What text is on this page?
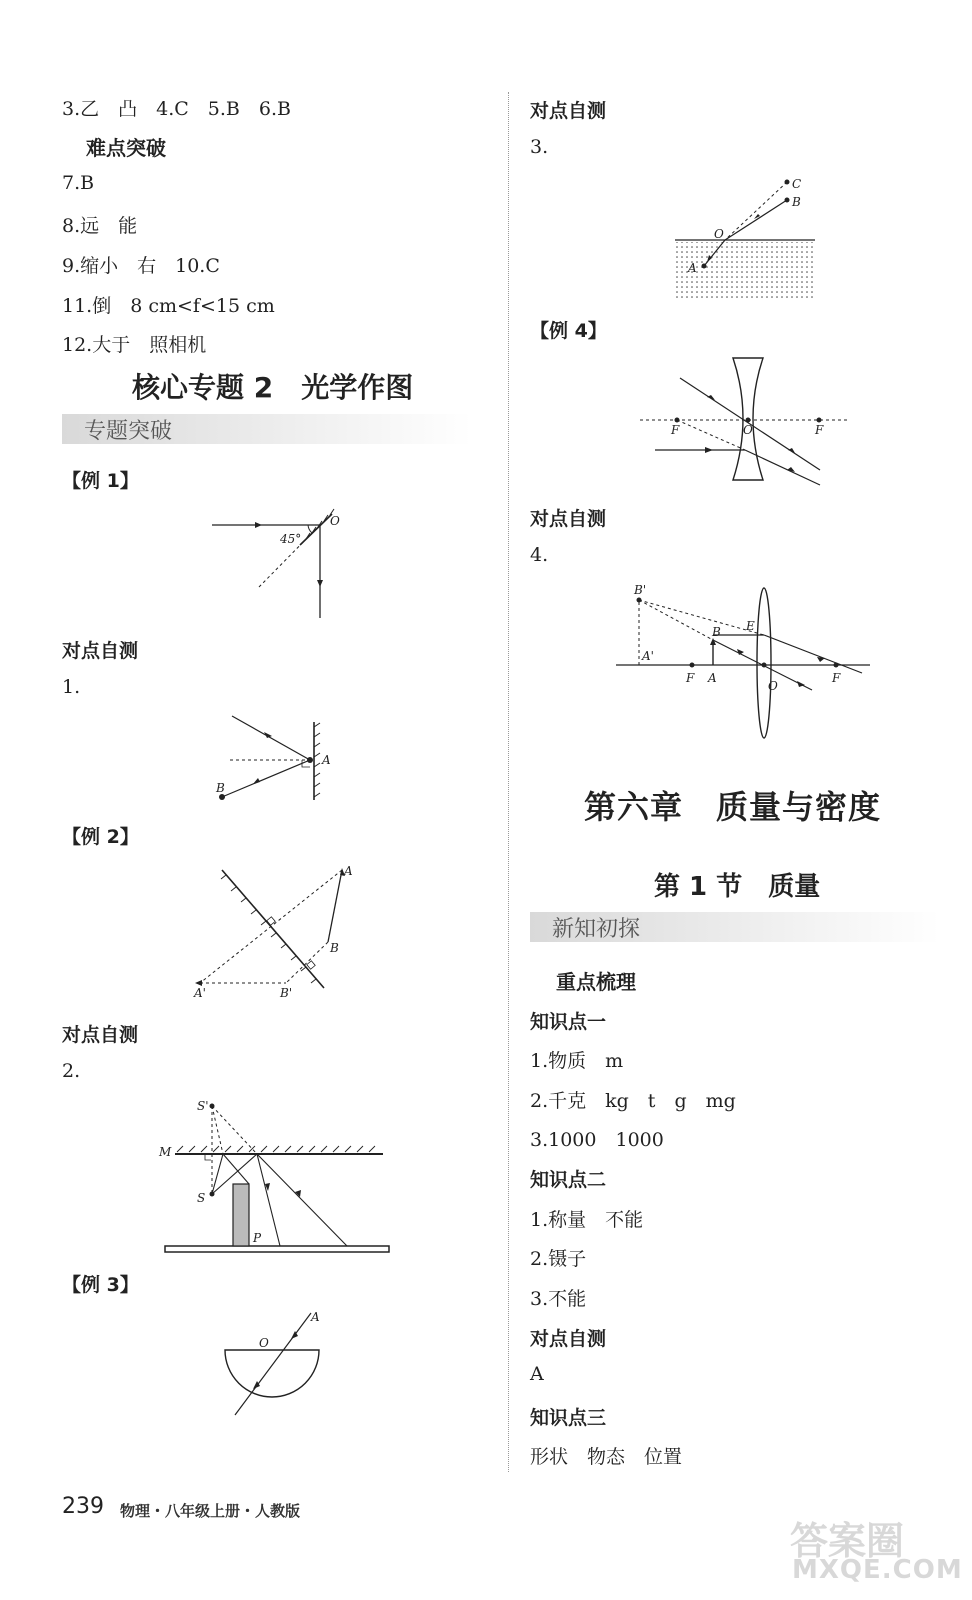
3.乙　凸　4.C　5.B　6.B
难点突破
7.B
8.远　能
9.缩小　右　10.C
11.倒　8 cm<f<15 cm
12.大于　照相机
核心专题 2　光学作图
专题突破
【例 1】
45°
O
对点自测
1.
A
B
【例 2】
A
B
A'	B'
对点自测
2.
S'
M
S
P
【例 3】
O
A
对点自测
3.
C
B
O
A
【例 4】
F	O	F
对点自测
4.
B'
B E
A'
F A
O
F
第六章　质量与密度
第 1 节　质量
新知初探
重点梳理
知识点一
1.物质　m
2.千克　kg　t　g　mg
3.1000　1000
知识点二
1.称量　不能
2.镊子
3.不能
对点自测
A
知识点三
形状　物态　位置
239 物理・八年级上册・人教版
答案圈
MXQE.COM
